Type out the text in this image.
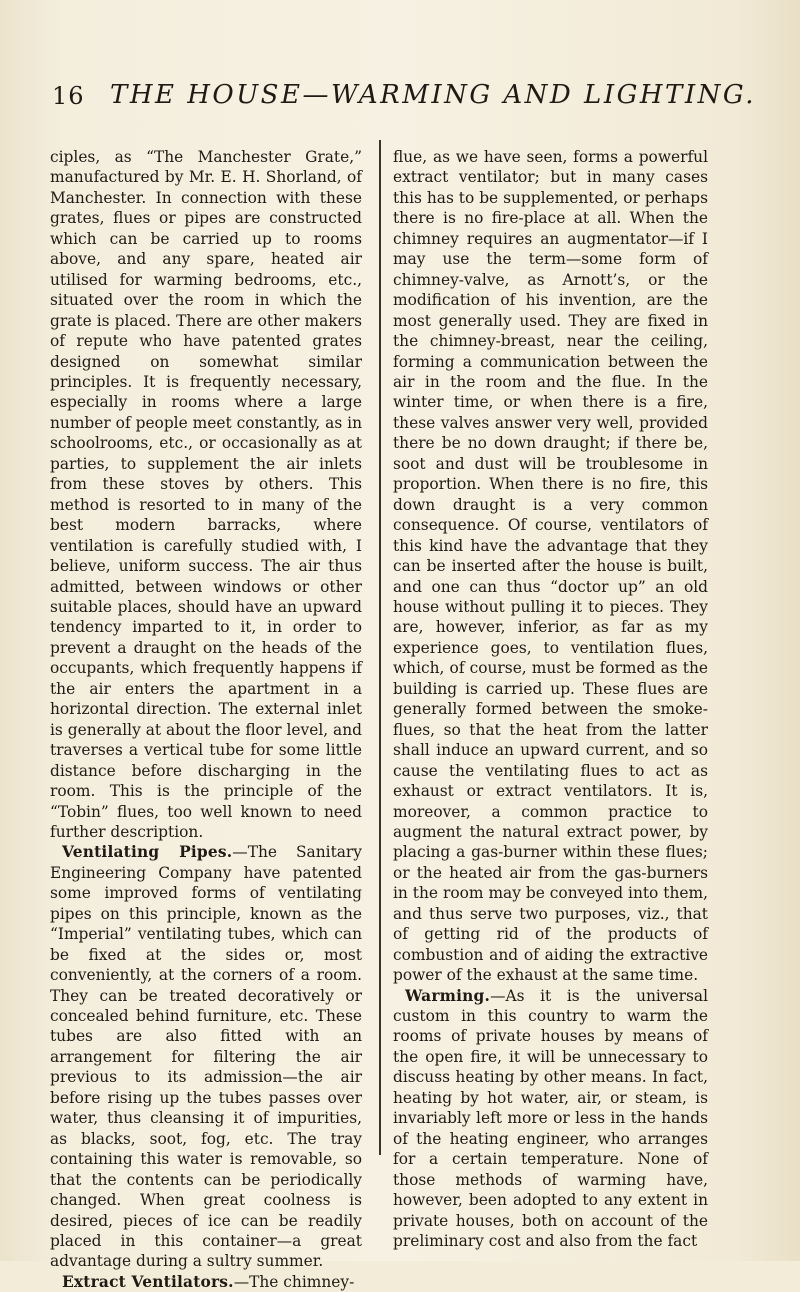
16 THE HOUSE—WARMING AND LIGHTING.

ciples, as “The Manchester Grate,” manufactured by Mr. E. H. Shorland, of Manchester. In connection with these grates, flues or pipes are constructed which can be carried up to rooms above, and any spare, heated air utilised for warming bedrooms, etc., situated over the room in which the grate is placed. There are other makers of repute who have patented grates designed on somewhat similar principles. It is frequently necessary, especially in rooms where a large number of people meet constantly, as in schoolrooms, etc., or occasionally as at parties, to supplement the air inlets from these stoves by others. This method is resorted to in many of the best modern barracks, where ventilation is carefully studied with, I believe, uniform success. The air thus admitted, between windows or other suitable places, should have an upward tendency imparted to it, in order to prevent a draught on the heads of the occupants, which frequently happens if the air enters the apartment in a horizontal direction. The external inlet is generally at about the floor level, and traverses a vertical tube for some little distance before discharging in the room. This is the principle of the “Tobin” flues, too well known to need further description.

Ventilating Pipes.—The Sanitary Engineering Company have patented some improved forms of ventilating pipes on this principle, known as the “Imperial” ventilating tubes, which can be fixed at the sides or, most conveniently, at the corners of a room. They can be treated decoratively or concealed behind furniture, etc. These tubes are also fitted with an arrangement for filtering the air previous to its admission—the air before rising up the tubes passes over water, thus cleansing it of impurities, as blacks, soot, fog, etc. The tray containing this water is removable, so that the contents can be periodically changed. When great coolness is desired, pieces of ice can be readily placed in this container—a great advantage during a sultry summer.

Extract Ventilators.—The chimney-

flue, as we have seen, forms a powerful extract ventilator; but in many cases this has to be supplemented, or perhaps there is no fire-place at all. When the chimney requires an augmentator—if I may use the term—some form of chimney-valve, as Arnott’s, or the modification of his invention, are the most generally used. They are fixed in the chimney-breast, near the ceiling, forming a communication between the air in the room and the flue. In the winter time, or when there is a fire, these valves answer very well, provided there be no down draught; if there be, soot and dust will be troublesome in proportion. When there is no fire, this down draught is a very common consequence. Of course, ventilators of this kind have the advantage that they can be inserted after the house is built, and one can thus “doctor up” an old house without pulling it to pieces. They are, however, inferior, as far as my experience goes, to ventilation flues, which, of course, must be formed as the building is carried up. These flues are generally formed between the smoke-flues, so that the heat from the latter shall induce an upward current, and so cause the ventilating flues to act as exhaust or extract ventilators. It is, moreover, a common practice to augment the natural extract power, by placing a gas-burner within these flues; or the heated air from the gas-burners in the room may be conveyed into them, and thus serve two purposes, viz., that of getting rid of the products of combustion and of aiding the extractive power of the exhaust at the same time.

Warming.—As it is the universal custom in this country to warm the rooms of private houses by means of the open fire, it will be unnecessary to discuss heating by other means. In fact, heating by hot water, air, or steam, is invariably left more or less in the hands of the heating engineer, who arranges for a certain temperature. None of those methods of warming have, however, been adopted to any extent in private houses, both on account of the preliminary cost and also from the fact
